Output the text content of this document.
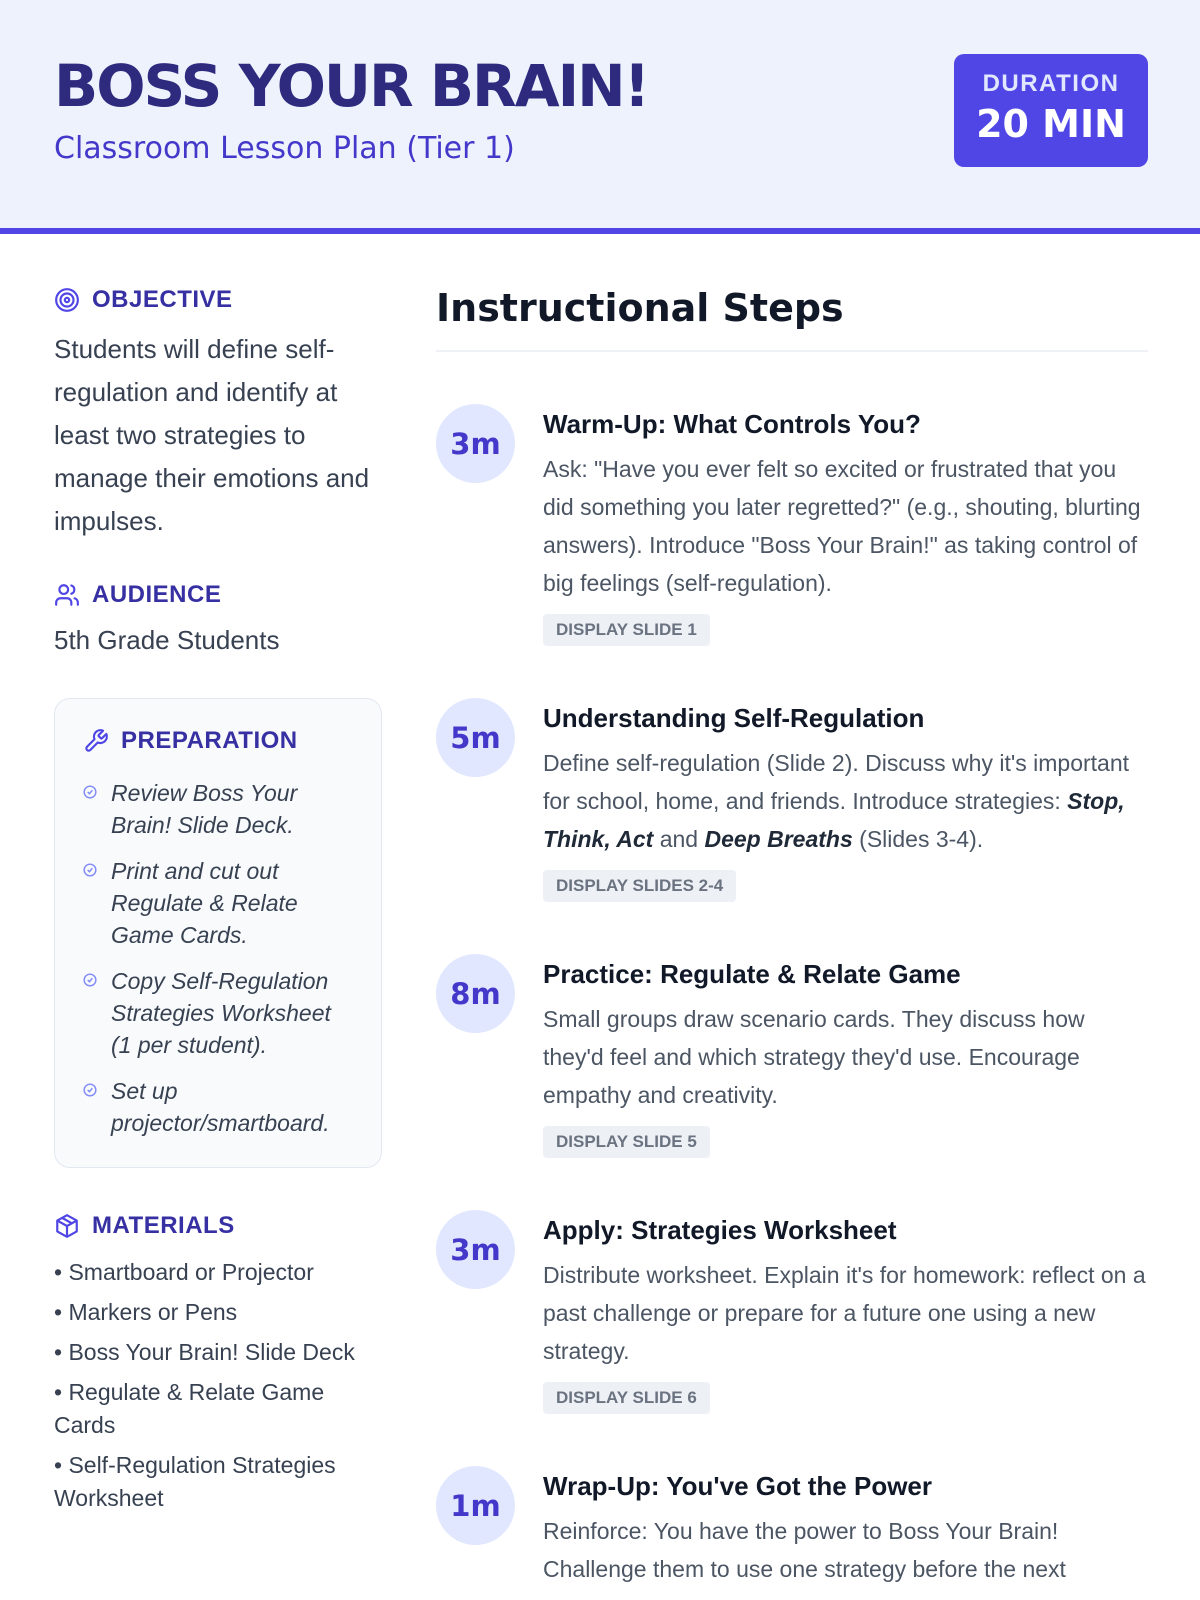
BOSS YOUR BRAIN!
Classroom Lesson Plan (Tier 1)
DURATION
20 MIN
OBJECTIVE

Students will define self-regulation and identify at least two strategies to manage their emotions and impulses.

AUDIENCE

5th Grade Students

PREPARATION
Review Boss Your Brain! Slide Deck.
Print and cut out Regulate & Relate Game Cards.
Copy Self-Regulation Strategies Worksheet (1 per student).
Set up projector/smartboard.
MATERIALS
• Smartboard or Projector
• Markers or Pens
• Boss Your Brain! Slide Deck
• Regulate & Relate Game Cards
• Self-Regulation Strategies Worksheet
Instructional Steps
3m
Warm-Up: What Controls You?

Ask: "Have you ever felt so excited or frustrated that you did something you later regretted?" (e.g., shouting, blurting answers). Introduce "Boss Your Brain!" as taking control of big feelings (self-regulation).

DISPLAY SLIDE 1
5m
Understanding Self-Regulation

Define self-regulation (Slide 2). Discuss why it's important for school, home, and friends. Introduce strategies: Stop, Think, Act and Deep Breaths (Slides 3-4).

DISPLAY SLIDES 2-4
8m
Practice: Regulate & Relate Game

Small groups draw scenario cards. They discuss how they'd feel and which strategy they'd use. Encourage empathy and creativity.

DISPLAY SLIDE 5
3m
Apply: Strategies Worksheet

Distribute worksheet. Explain it's for homework: reflect on a past challenge or prepare for a future one using a new strategy.

DISPLAY SLIDE 6
1m
Wrap-Up: You've Got the Power

Reinforce: You have the power to Boss Your Brain! Challenge them to use one strategy before the next
